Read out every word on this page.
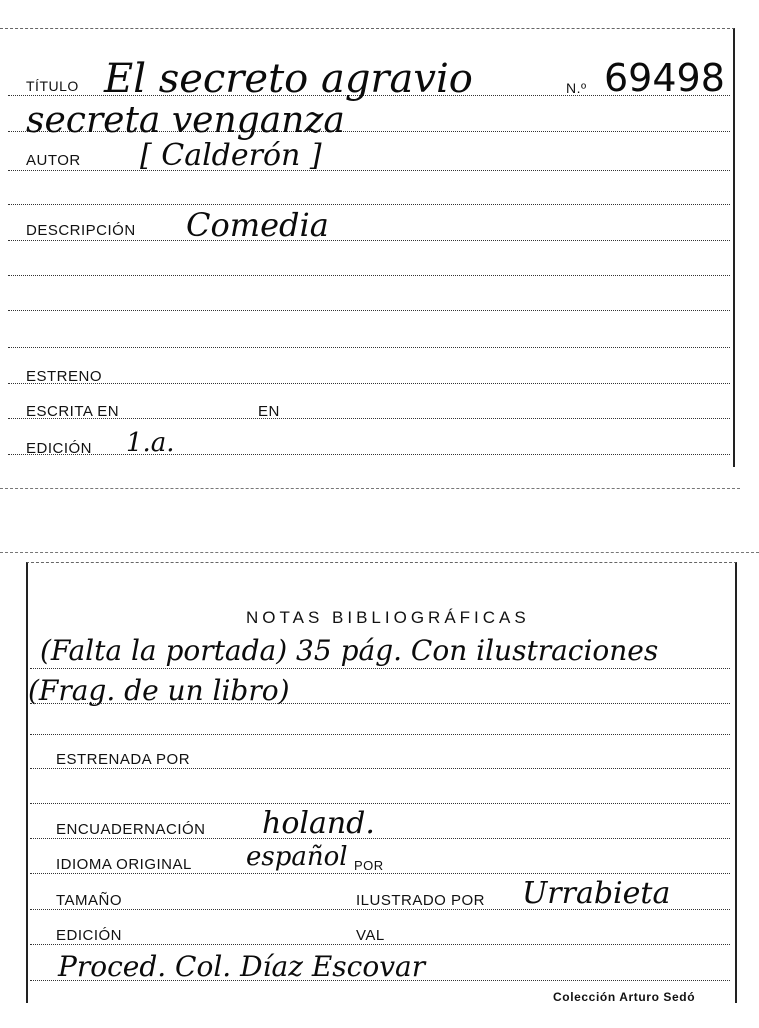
TÍTULO El secreto agravio	N.º 69498
secreta venganza
AUTOR [ Calderón ]
DESCRIPCIÓN Comedia
ESTRENO
ESCRITA EN	EN
EDICIÓN 1.a.
NOTAS BIBLIOGRÁFICAS
(Falta la portada) 35 pág. Con ilustraciones
(Frag. de un libro)
ESTRENADA POR
ENCUADERNACIÓN holand.
IDIOMA ORIGINAL español POR
TAMAÑO	ILUSTRADO POR Urrabieta
EDICIÓN	VAL
Proced. Col. Díaz Escovar
Colección Arturo Sedó
